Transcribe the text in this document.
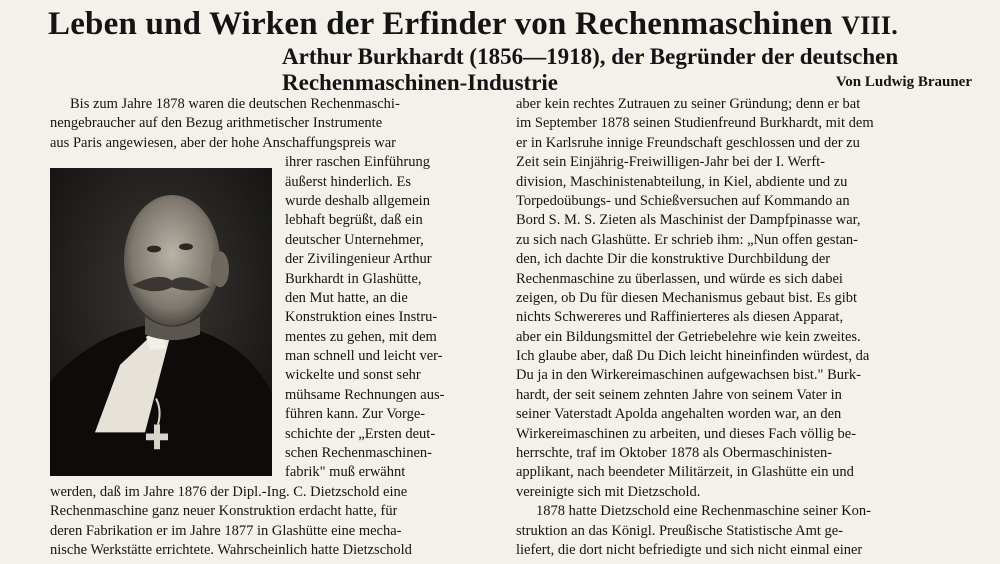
Leben und Wirken der Erfinder von Rechenmaschinen VIII.
Arthur Burkhardt (1856—1918), der Begründer der deutschen
Rechenmaschinen-Industrie	Von Ludwig Brauner
Bis zum Jahre 1878 waren die deutschen Rechenmaschi-
nengebraucher auf den Bezug arithmetischer Instrumente
aus Paris angewiesen, aber der hohe Anschaffungspreis war
ihrer raschen Einführung
äußerst hinderlich. Es
wurde deshalb allgemein
lebhaft begrüßt, daß ein
deutscher Unternehmer,
der Zivilingenieur Arthur
Burkhardt in Glashütte,
den Mut hatte, an die
Konstruktion eines Instru-
mentes zu gehen, mit dem
man schnell und leicht ver-
wickelte und sonst sehr
mühsame Rechnungen aus-
führen kann. Zur Vorge-
schichte der „Ersten deut-
schen Rechenmaschinen-
fabrik" muß erwähnt
werden, daß im Jahre 1876 der Dipl.-Ing. C. Dietzschold eine
Rechenmaschine ganz neuer Konstruktion erdacht hatte, für
deren Fabrikation er im Jahre 1877 in Glashütte eine mecha-
nische Werkstätte errichtete. Wahrscheinlich hatte Dietzschold
aber kein rechtes Zutrauen zu seiner Gründung; denn er bat
im September 1878 seinen Studienfreund Burkhardt, mit dem
er in Karlsruhe innige Freundschaft geschlossen und der zu
Zeit sein Einjährig-Freiwilligen-Jahr bei der I. Werft-
division, Maschinistenabteilung, in Kiel, abdiente und zu
Torpedoübungs- und Schießversuchen auf Kommando an
Bord S. M. S. Zieten als Maschinist der Dampfpinasse war,
zu sich nach Glashütte. Er schrieb ihm: „Nun offen gestan-
den, ich dachte Dir die konstruktive Durchbildung der
Rechenmaschine zu überlassen, und würde es sich dabei
zeigen, ob Du für diesen Mechanismus gebaut bist. Es gibt
nichts Schwereres und Raffinierteres als diesen Apparat,
aber ein Bildungsmittel der Getriebelehre wie kein zweites.
Ich glaube aber, daß Du Dich leicht hineinfinden würdest, da
Du ja in den Wirkereimaschinen aufgewachsen bist." Burk-
hardt, der seit seinem zehnten Jahre von seinem Vater in
seiner Vaterstadt Apolda angehalten worden war, an den
Wirkereimaschinen zu arbeiten, und dieses Fach völlig be-
herrschte, traf im Oktober 1878 als Obermaschinisten-
applikant, nach beendeter Militärzeit, in Glashütte ein und
vereinigte sich mit Dietzschold.
1878 hatte Dietzschold eine Rechenmaschine seiner Kon-
struktion an das Königl. Preußische Statistische Amt ge-
liefert, die dort nicht befriedigte und sich nicht einmal einer
